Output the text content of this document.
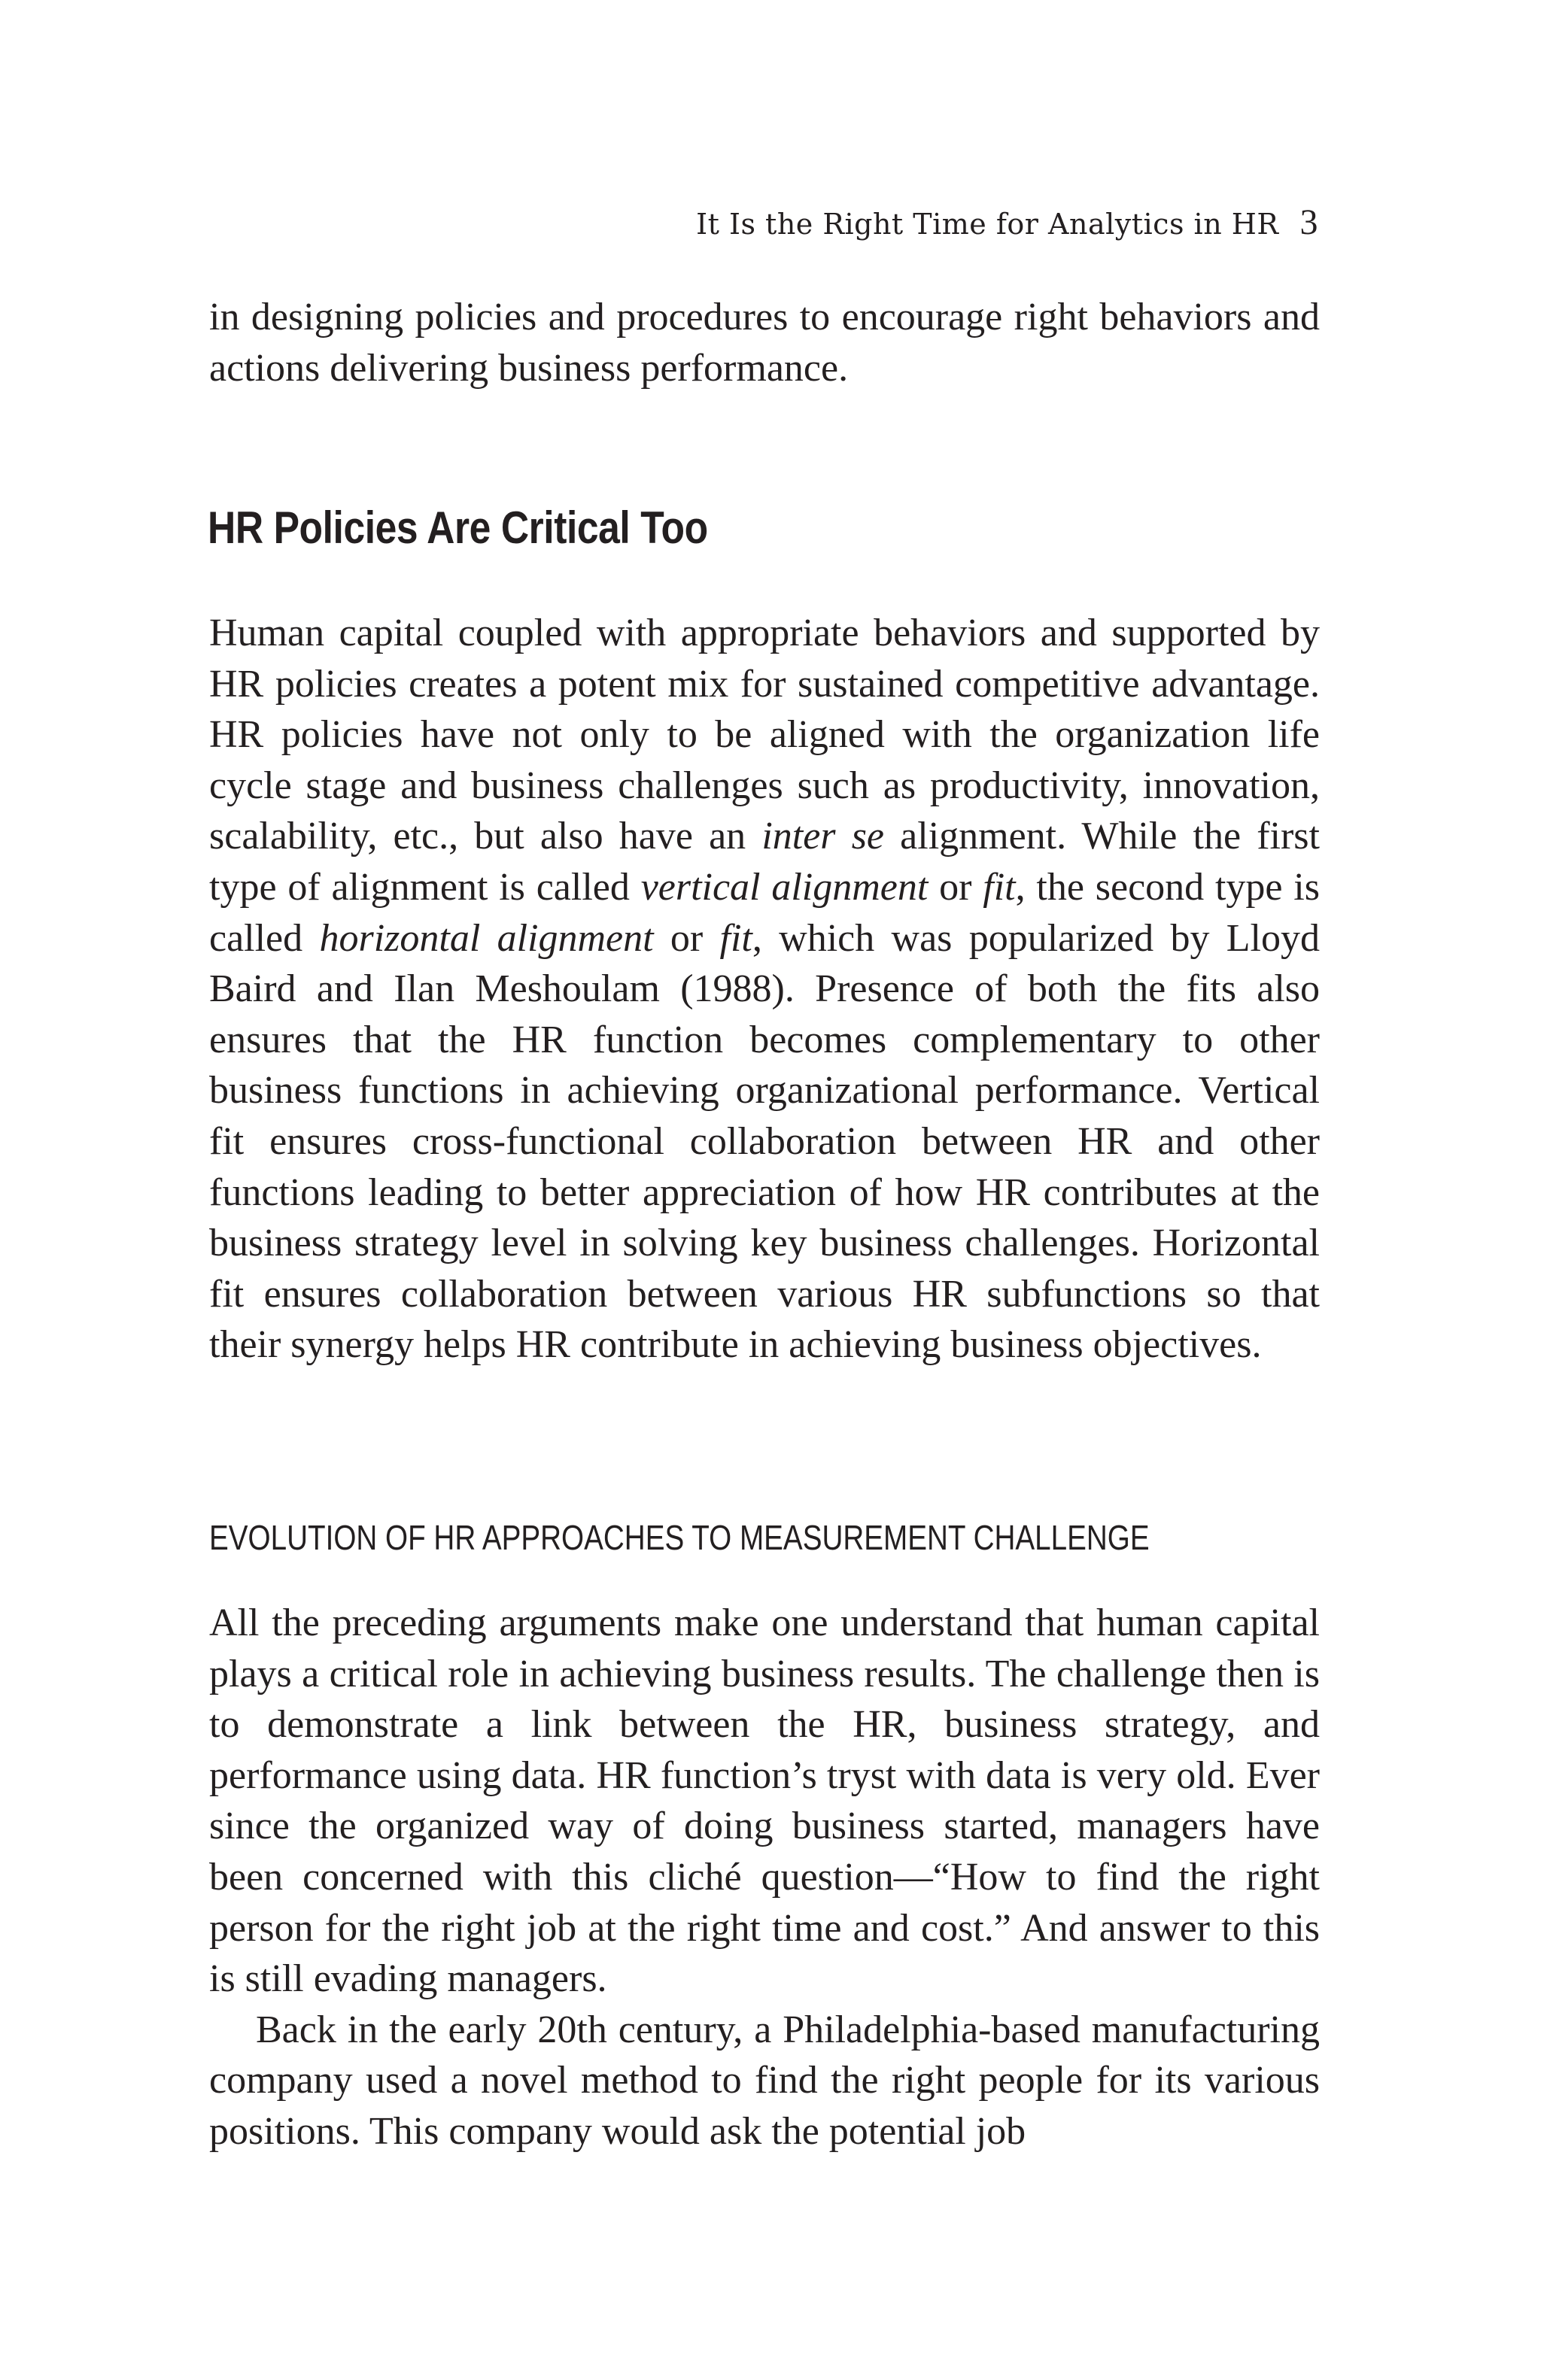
It Is the Right Time for Analytics in HR 3

in designing policies and procedures to encourage right behaviors and actions delivering business performance.

HR Policies Are Critical Too

Human capital coupled with appropriate behaviors and supported by HR policies creates a potent mix for sustained competitive advantage. HR policies have not only to be aligned with the organization life cycle stage and business challenges such as productivity, innovation, scalability, etc., but also have an inter se alignment. While the first type of alignment is called vertical alignment or fit, the second type is called horizontal alignment or fit, which was popularized by Lloyd Baird and Ilan Meshoulam (1988). Presence of both the fits also ensures that the HR function becomes complementary to other business functions in achieving organizational performance. Vertical fit ensures cross-functional collaboration between HR and other functions leading to better appreciation of how HR contributes at the business strategy level in solving key business challenges. Horizontal fit ensures collaboration between various HR subfunctions so that their synergy helps HR contribute in achieving business objectives.

EVOLUTION OF HR APPROACHES TO MEASUREMENT CHALLENGE

All the preceding arguments make one understand that human capital plays a critical role in achieving business results. The challenge then is to demonstrate a link between the HR, business strategy, and performance using data. HR function’s tryst with data is very old. Ever since the organized way of doing business started, managers have been concerned with this cliché question—“How to find the right person for the right job at the right time and cost.” And answer to this is still evading managers.

Back in the early 20th century, a Philadelphia-based manufacturing company used a novel method to find the right people for its various positions. This company would ask the potential job
